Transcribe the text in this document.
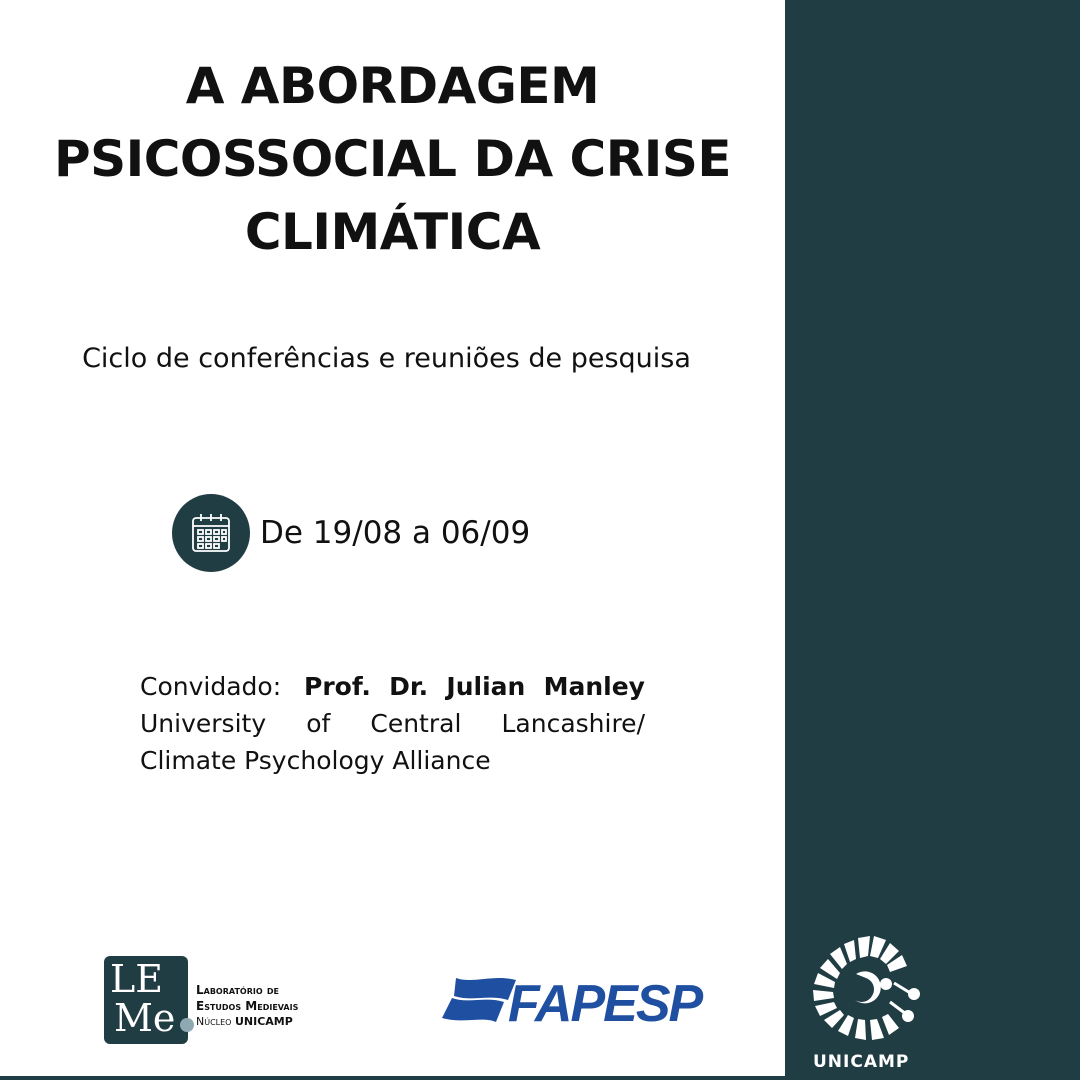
A ABORDAGEM
PSICOSSOCIAL DA CRISE
CLIMÁTICA
Ciclo de conferências e reuniões de pesquisa
De 19/08 a 06/09
Convidado: Prof. Dr. Julian Manley
University of Central Lancashire/ Climate Psychology Alliance
LE
Me
Laboratório de
Estudos Medievais
Núcleo UNICAMP	FAPESP
UNICAMP
